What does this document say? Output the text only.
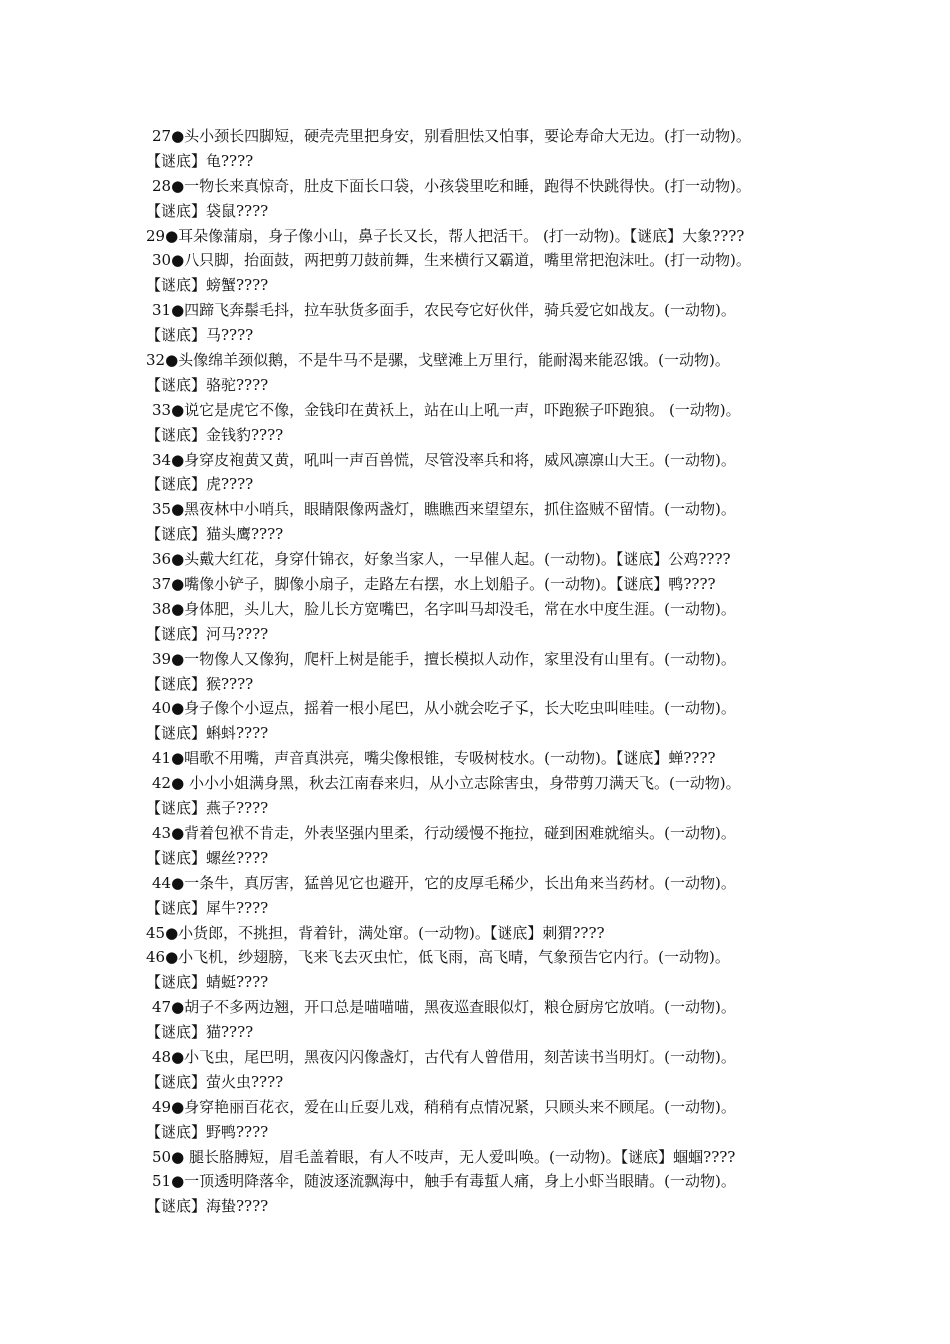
27●头小颈长四脚短，硬壳壳里把身安，别看胆怯又怕事，要论寿命大无边。(打一动物)。
【谜底】龟????
28●一物长来真惊奇，肚皮下面长口袋，小孩袋里吃和睡，跑得不快跳得快。(打一动物)。
【谜底】袋鼠????
29●耳朵像蒲扇，身子像小山，鼻子长又长，帮人把活干。 (打一动物)。【谜底】大象????
30●八只脚，抬面鼓，两把剪刀鼓前舞，生来横行又霸道，嘴里常把泡沫吐。(打一动物)。
【谜底】螃蟹????
31●四蹄飞奔鬃毛抖，拉车驮货多面手，农民夸它好伙伴，骑兵爱它如战友。(一动物)。
【谜底】马????
32●头像绵羊颈似鹅，不是牛马不是骡，戈壁滩上万里行，能耐渴来能忍饿。(一动物)。
【谜底】骆驼????
33●说它是虎它不像，金钱印在黄袄上，站在山上吼一声，吓跑猴子吓跑狼。 (一动物)。
【谜底】金钱豹????
34●身穿皮袍黄又黄，吼叫一声百兽慌，尽管没率兵和将，威风凛凛山大王。(一动物)。
【谜底】虎????
35●黑夜林中小哨兵，眼睛限像两盏灯，瞧瞧西来望望东，抓住盗贼不留情。(一动物)。
【谜底】猫头鹰????
36●头戴大红花，身穿什锦衣，好象当家人，一早催人起。(一动物)。【谜底】公鸡????
37●嘴像小铲子，脚像小扇子，走路左右摆，水上划船子。(一动物)。【谜底】鸭????
38●身体肥，头儿大，脸儿长方宽嘴巴，名字叫马却没毛，常在水中度生涯。(一动物)。
【谜底】河马????
39●一物像人又像狗，爬杆上树是能手，擅长模拟人动作，家里没有山里有。(一动物)。
【谜底】猴????
40●身子像个小逗点，摇着一根小尾巴，从小就会吃孑孓，长大吃虫叫哇哇。(一动物)。
【谜底】蝌蚪????
41●唱歌不用嘴，声音真洪亮，嘴尖像根锥，专吸树枝水。(一动物)。【谜底】蝉????
42● 小小小姐满身黑，秋去江南春来归，从小立志除害虫，身带剪刀满天飞。(一动物)。
【谜底】燕子????
43●背着包袱不肯走，外表坚强内里柔，行动缓慢不拖拉，碰到困难就缩头。(一动物)。
【谜底】螺丝????
44●一条牛，真厉害，猛兽见它也避开，它的皮厚毛稀少，长出角来当药材。(一动物)。
【谜底】犀牛????
45●小货郎，不挑担，背着针，满处窜。(一动物)。【谜底】刺猬????
46●小飞机，纱翅膀，飞来飞去灭虫忙，低飞雨，高飞晴，气象预告它内行。(一动物)。
【谜底】蜻蜓????
47●胡子不多两边翘，开口总是喵喵喵，黑夜巡查眼似灯，粮仓厨房它放哨。(一动物)。
【谜底】猫????
48●小飞虫，尾巴明，黑夜闪闪像盏灯，古代有人曾借用，刻苦读书当明灯。(一动物)。
【谜底】萤火虫????
49●身穿艳丽百花衣，爱在山丘耍儿戏，稍稍有点情况紧，只顾头来不顾尾。(一动物)。
【谜底】野鸭????
50● 腿长胳膊短，眉毛盖着眼，有人不吱声，无人爱叫唤。(一动物)。【谜底】蝈蝈????
51●一顶透明降落伞，随波逐流飘海中，触手有毒蜇人痛，身上小虾当眼睛。(一动物)。
【谜底】海蛰????
